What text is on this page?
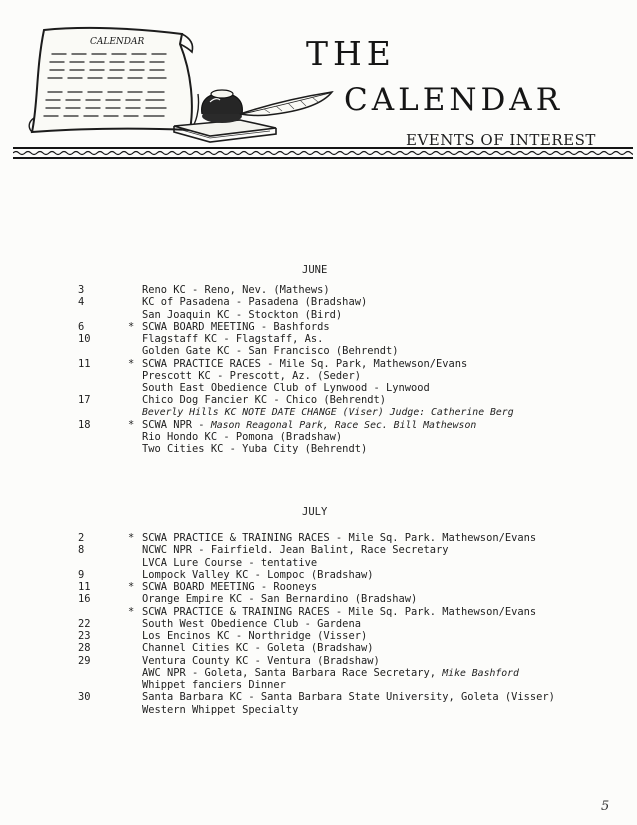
CALENDAR	THE
CALENDAR
EVENTS OF INTEREST
JUNE
3	Reno KC - Reno, Nev. (Mathews)
4	KC of Pasadena - Pasadena (Bradshaw)
San Joaquin KC - Stockton (Bird)
6	* SCWA BOARD MEETING - Bashfords
10	Flagstaff KC - Flagstaff, As.
Golden Gate KC - San Francisco (Behrendt)
11	* SCWA PRACTICE RACES - Mile Sq. Park, Mathewson/Evans
Prescott KC - Prescott, Az. (Seder)
South East Obedience Club of Lynwood - Lynwood
17	Chico Dog Fancier KC - Chico (Behrendt)
Beverly Hills KC NOTE DATE CHANGE (Viser) Judge: Catherine Berg
18	* SCWA NPR - Mason Reagonal Park, Race Sec. Bill Mathewson
Rio Hondo KC - Pomona (Bradshaw)
Two Cities KC - Yuba City (Behrendt)
JULY
2	* SCWA PRACTICE & TRAINING RACES - Mile Sq. Park. Mathewson/Evans
8	NCWC NPR - Fairfield. Jean Balint, Race Secretary
LVCA Lure Course - tentative
9	Lompock Valley KC - Lompoc (Bradshaw)
11	* SCWA BOARD MEETING - Rooneys
16	Orange Empire KC - San Bernardino (Bradshaw)
* SCWA PRACTICE & TRAINING RACES - Mile Sq. Park. Mathewson/Evans
22	South West Obedience Club - Gardena
23	Los Encinos KC - Northridge (Visser)
28	Channel Cities KC - Goleta (Bradshaw)
29	Ventura County KC - Ventura (Bradshaw)
AWC NPR - Goleta, Santa Barbara Race Secretary, Mike Bashford
Whippet fanciers Dinner
30	Santa Barbara KC - Santa Barbara State University, Goleta (Visser)
Western Whippet Specialty
5
